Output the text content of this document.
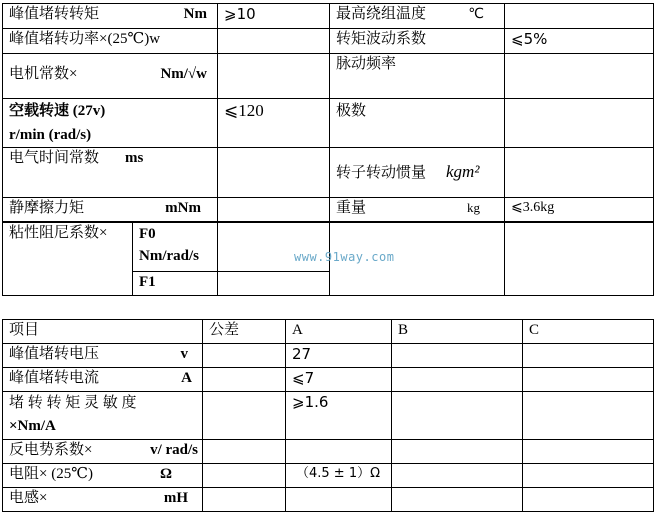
峰值堵转转矩 Nm	⩾10	最高绕组温度 ℃	

峰值堵转功率×(25℃)w		转矩波动系数	⩽5%
电机常数× Nm/√w		脉动频率	
空载转速 (27v)
r/min (rad/s)	⩽120	极数	
电气时间常数 ms		转子转动惯量 kgm²	
静摩擦力矩 mNm		重量 kg	⩽3.6kg
粘性阻尼系数×	F0
Nm/rad/s			
	F1			
www.91way.com
项目	公差	A	B	C
峰值堵转电压 v		27		
峰值堵转电流 A		⩽7		
堵 转 转 矩 灵 敏 度
×Nm/A		⩾1.6		
反电势系数× v/ rad/s				

电阻× (25℃) Ω		（4.5 ± 1）Ω		
电感× mH				
